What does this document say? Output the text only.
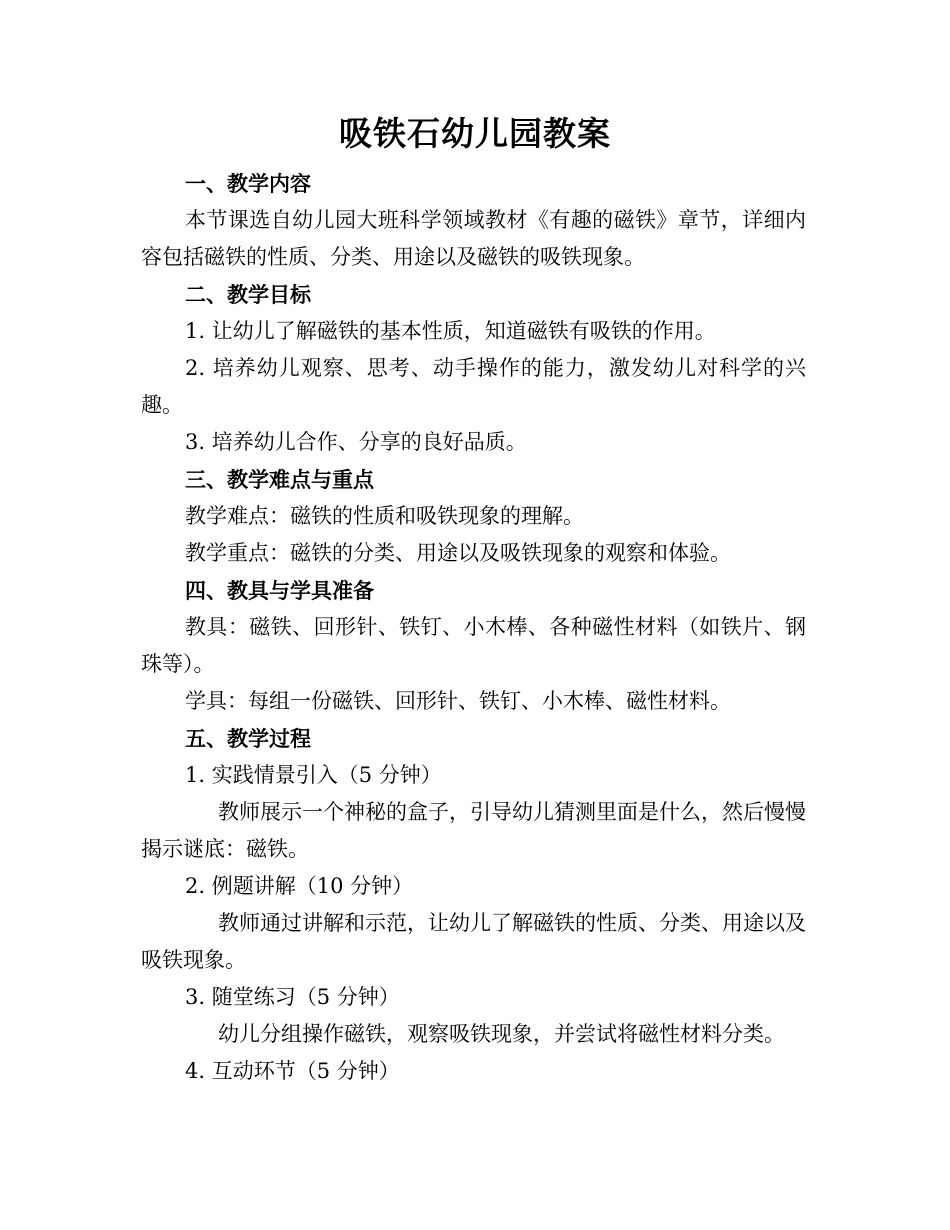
吸铁石幼儿园教案

一、教学内容

本节课选自幼儿园大班科学领域教材《有趣的磁铁》章节，详细内容包括磁铁的性质、分类、用途以及磁铁的吸铁现象。

二、教学目标

1. 让幼儿了解磁铁的基本性质，知道磁铁有吸铁的作用。

2. 培养幼儿观察、思考、动手操作的能力，激发幼儿对科学的兴趣。

3. 培养幼儿合作、分享的良好品质。

三、教学难点与重点

教学难点：磁铁的性质和吸铁现象的理解。

教学重点：磁铁的分类、用途以及吸铁现象的观察和体验。

四、教具与学具准备

教具：磁铁、回形针、铁钉、小木棒、各种磁性材料（如铁片、钢珠等）。

学具：每组一份磁铁、回形针、铁钉、小木棒、磁性材料。

五、教学过程

1. 实践情景引入（5 分钟）

教师展示一个神秘的盒子，引导幼儿猜测里面是什么，然后慢慢揭示谜底：磁铁。

2. 例题讲解（10 分钟）

教师通过讲解和示范，让幼儿了解磁铁的性质、分类、用途以及吸铁现象。

3. 随堂练习（5 分钟）

幼儿分组操作磁铁，观察吸铁现象，并尝试将磁性材料分类。

4. 互动环节（5 分钟）
